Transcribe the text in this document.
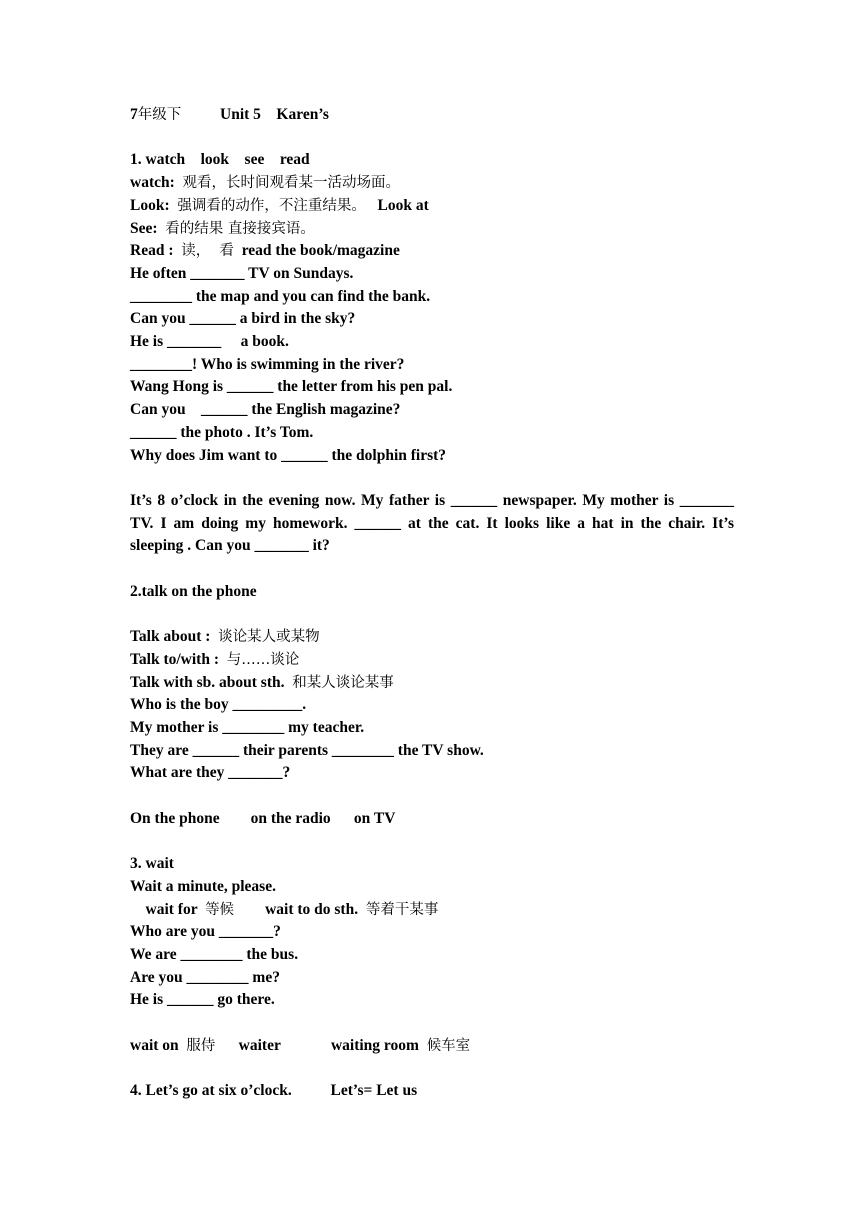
7年级下	Unit 5 Karen’s
1. watch    look    see    read
watch: 观看，长时间观看某一活动场面。
Look: 强调看的动作，不注重结果。 Look at
See: 看的结果 直接接宾语。
Read : 读，  看 read the book/magazine
He often _______ TV on Sundays.
________ the map and you can find the bank.
Can you ______ a bird in the sky?
He is _______     a book.
________! Who is swimming in the river?
Wang Hong is ______ the letter from his pen pal.
Can you    ______ the English magazine?
______ the photo . It’s Tom.
Why does Jim want to ______ the dolphin first?
It’s 8 o’clock in the evening now. My father is ______ newspaper. My mother is _______ TV. I am doing my homework. ______ at the cat. It looks like a hat in the chair. It’s sleeping . Can you _______ it?
2.talk on the phone
Talk about : 谈论某人或某物
Talk to/with : 与……谈论
Talk with sb. about sth. 和某人谈论某事
Who is the boy _________.
My mother is ________ my teacher.
They are ______ their parents ________ the TV show.
What are they _______?
On the phone        on the radio      on TV
3. wait
Wait a minute, please.
wait for 等候 wait to do sth. 等着干某事
Who are you _______?
We are ________ the bus.
Are you ________ me?
He is ______ go there.
wait on 服侍 waiter	waiting room 候车室
4. Let’s go at six o’clock.	Let’s= Let us
